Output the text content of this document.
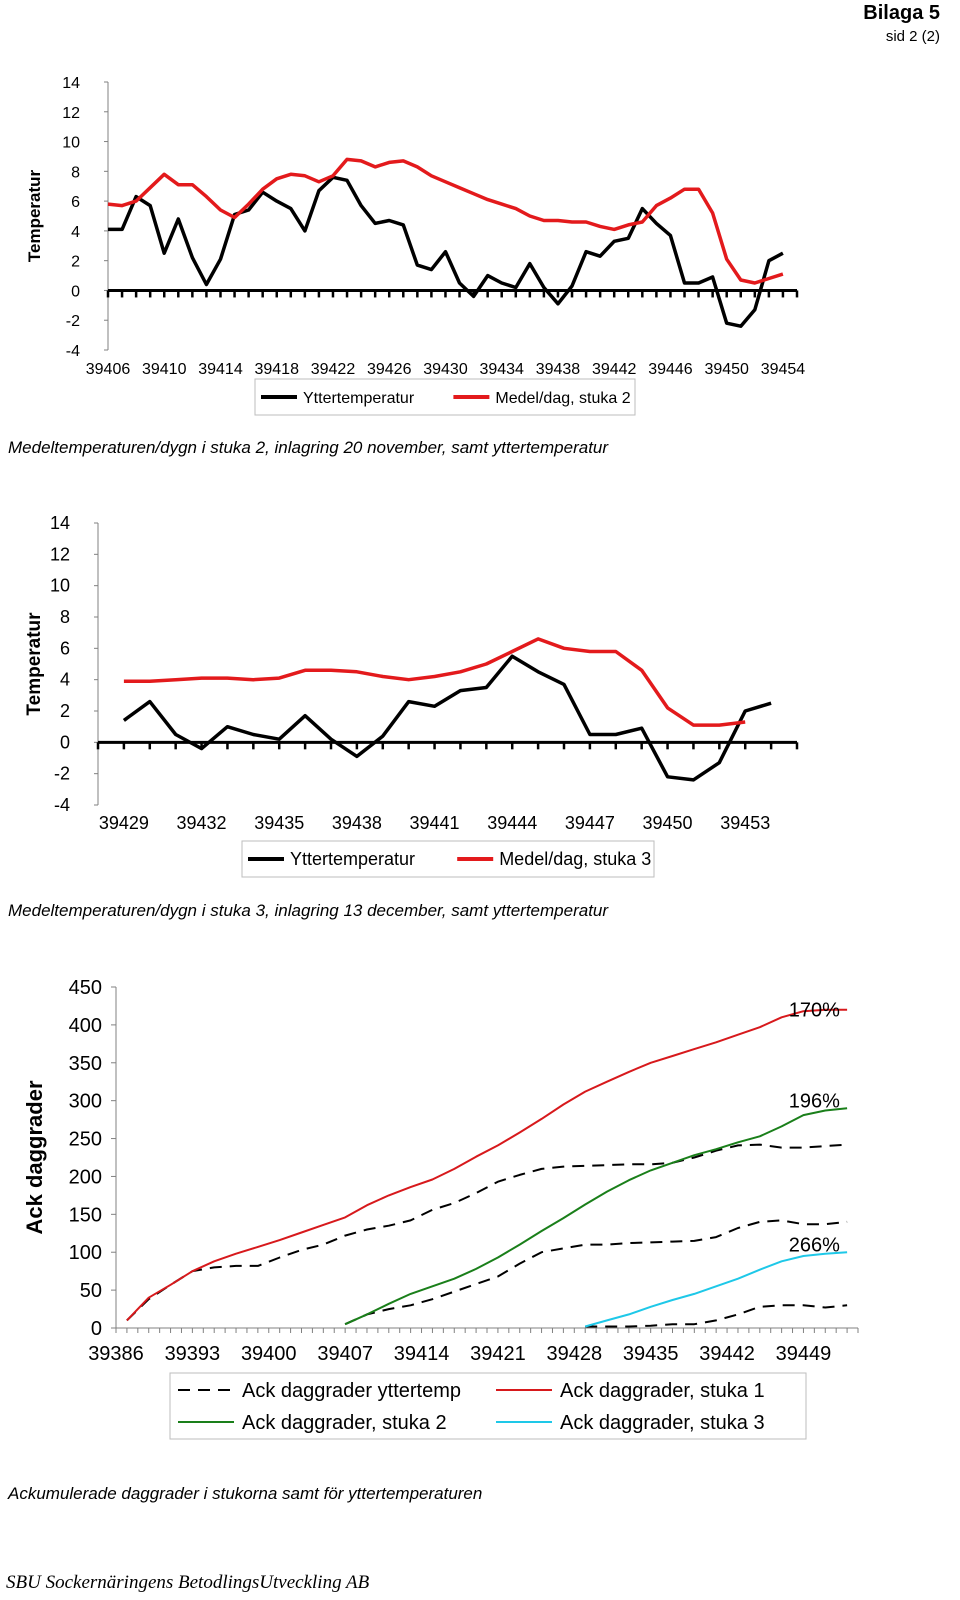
Bilaga 5
sid 2 (2)
14
12
10
8
6
4
2
0
-2
-4
39406 39410 39414 39418 39422 39426 39430 39434 39438 39442 39446 39450 39454
Temperatur
Yttertemperatur	Medel/dag, stuka 2
Medeltemperaturen/dygn i stuka 2, inlagring 20 november, samt yttertemperatur
14
12
10
8
6
4
2
0
-2
-4
39429 39432 39435 39438 39441 39444 39447 39450 39453
Temperatur
Yttertemperatur	Medel/dag, stuka 3
Medeltemperaturen/dygn i stuka 3, inlagring 13 december, samt yttertemperatur
450
400
350
300
250
200
150
100
50
0
39386 39393 39400 39407 39414 39421 39428 39435 39442 39449
Ack daggrader
170%
196%
266%
Ack daggrader yttertemp	Ack daggrader, stuka 1
Ack daggrader, stuka 2	Ack daggrader, stuka 3
Ackumulerade daggrader i stukorna samt för yttertemperaturen
SBU Sockernäringens BetodlingsUtveckling AB
